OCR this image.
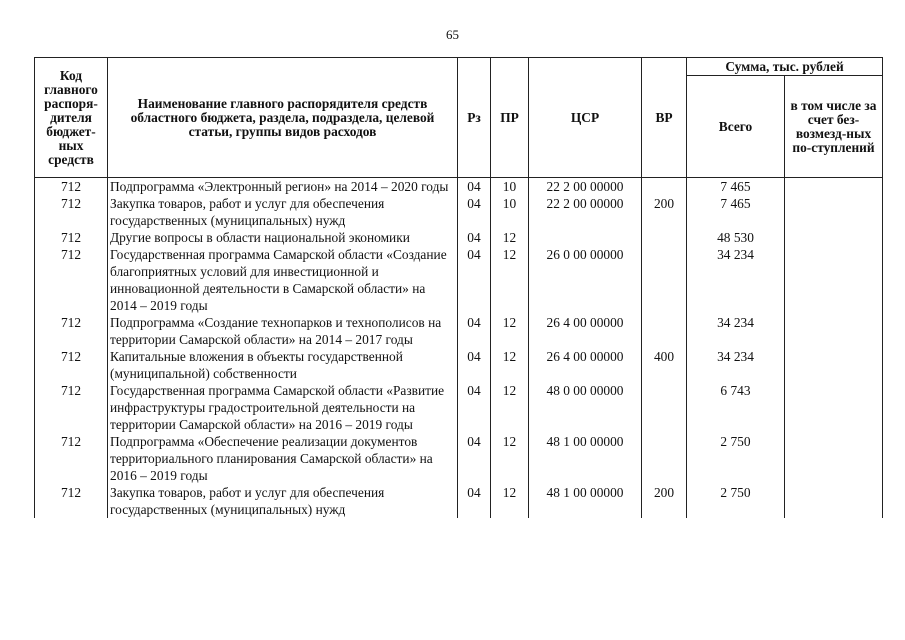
65
Код главного распоря-дителя бюджет-ных средств	Наименование главного распорядителя средств областного бюджета, раздела, подраздела, целевой статьи, группы видов расходов	Рз	ПР	ЦСР	ВР	Сумма, тыс. рублей	
						Всего	в том числе за счет без-возмезд-ных по-ступлений
712	Подпрограмма «Электронный регион» на 2014 – 2020 годы	04	10	22 2 00 00000		7 465	
712	Закупка товаров, работ и услуг для обеспечения государственных (муниципальных) нужд	04	10	22 2 00 00000	200	7 465	
712	Другие вопросы в области национальной экономики	04	12			48 530	
712	Государственная программа Самарской области «Создание благоприятных условий для инвестиционной и инновационной деятельности в Самарской области» на 2014 – 2019 годы	04	12	26 0 00 00000		34 234	
712	Подпрограмма «Создание технопарков и технополисов на территории Самарской области» на 2014 – 2017 годы	04	12	26 4 00 00000		34 234	
712	Капитальные вложения в объекты государственной (муниципальной) собственности	04	12	26 4 00 00000	400	34 234	
712	Государственная программа Самарской области «Развитие инфраструктуры градостроительной деятельности на территории Самарской области» на 2016 – 2019 годы	04	12	48 0 00 00000		6 743	
712	Подпрограмма «Обеспечение реализации документов территориального планирования Самарской области» на 2016 – 2019 годы	04	12	48 1 00 00000		2 750	
712	Закупка товаров, работ и услуг для обеспечения государственных (муниципальных) нужд	04	12	48 1 00 00000	200	2 750	
